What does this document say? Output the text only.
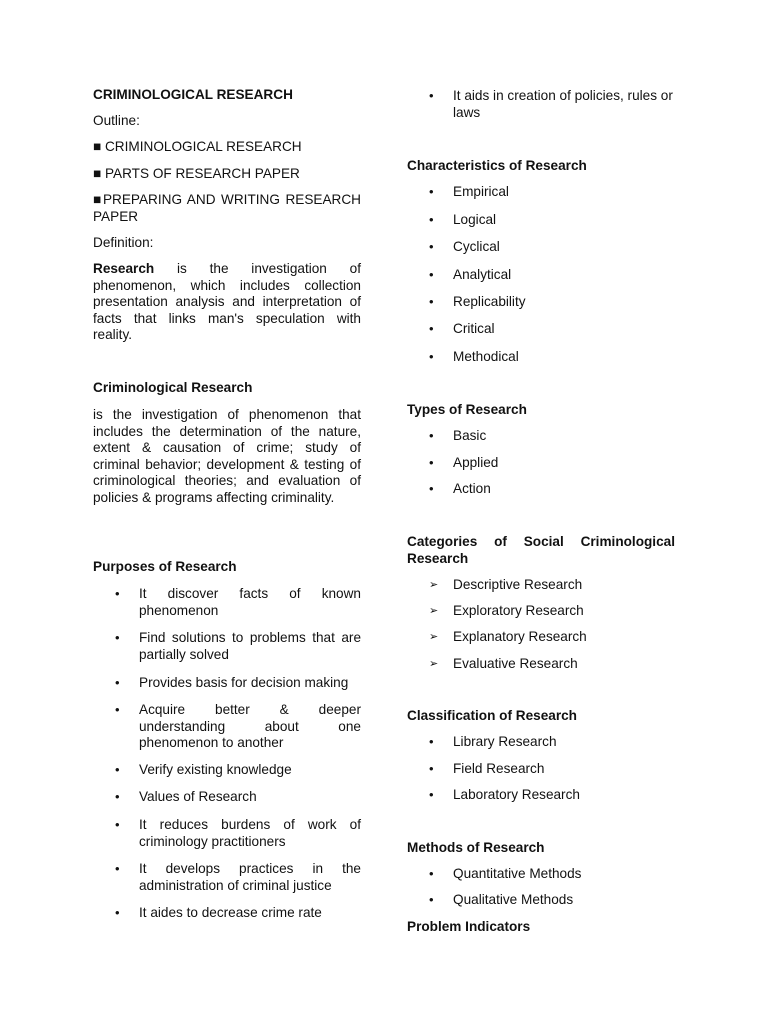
CRIMINOLOGICAL RESEARCH

Outline:

■ CRIMINOLOGICAL RESEARCH

■ PARTS OF RESEARCH PAPER

■PREPARING AND WRITING RESEARCH PAPER

Definition:

Research is the investigation of phenomenon, which includes collection presentation analysis and interpretation of facts that links man's speculation with reality.

Criminological Research

is the investigation of phenomenon that includes the determination of the nature, extent & causation of crime; study of criminal behavior; development & testing of criminological theories; and evaluation of policies & programs affecting criminality.

Purposes of Research

•	It discover facts of known phenomenon
•	Find solutions to problems that are partially solved
•	Provides basis for decision making
•	Acquire better & deeper understanding about one phenomenon to another
•	Verify existing knowledge
•	Values of Research
•	It reduces burdens of work of criminology practitioners
•	It develops practices in the administration of criminal justice
•	It aides to decrease crime rate
•	It aids in creation of policies, rules or laws

Characteristics of Research

•	Empirical
•	Logical
•	Cyclical
•	Analytical
•	Replicability
•	Critical
•	Methodical

Types of Research

•	Basic
•	Applied
•	Action

Categories of Social Criminological Research

➢	Descriptive Research
➢	Exploratory Research
➢	Explanatory Research
➢	Evaluative Research

Classification of Research

•	Library Research
•	Field Research
•	Laboratory Research

Methods of Research

•	Quantitative Methods
•	Qualitative Methods

Problem Indicators
